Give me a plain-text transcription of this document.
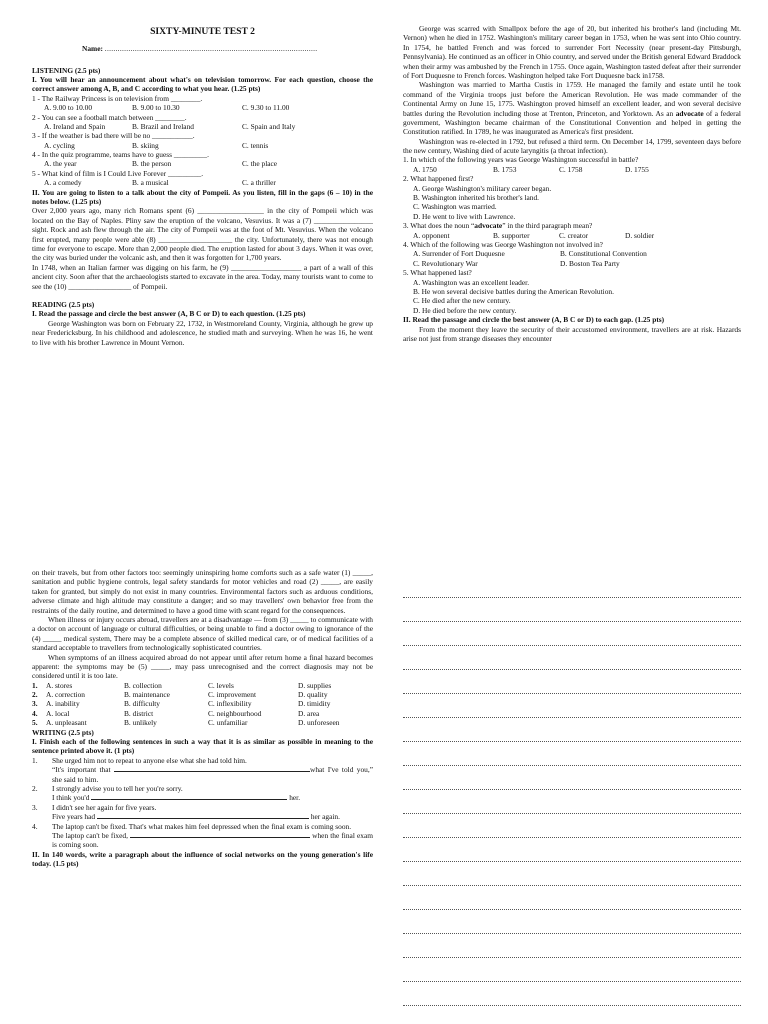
SIXTY-MINUTE TEST 2
Name: ...................................................................................................
LISTENING (2.5 pts)

I. You will hear an announcement about what's on television tomorrow. For each question, choose the correct answer among A, B, and C according to what you hear. (1.25 pts)

1 - The Railway Princess is on television from ________.
A. 9.00 to 10.00	B. 9.00 to 10.30	C. 9.30 to 11.00
2 - You can see a football match between ________.
A. Ireland and Spain	B. Brazil and Ireland	C. Spain and Italy
3 - If the weather is bad there will be no ___________.
A. cycling	B. skiing	C. tennis
4 - In the quiz programme, teams have to guess _________.
A. the year	B. the person	C. the place
5 - What kind of film is I Could Live Forever _________.
A. a comedy	B. a musical	C. a thriller

II. You are going to listen to a talk about the city of Pompeii. As you listen, fill in the gaps (6 – 10) in the notes below. (1.25 pts)

Over 2,000 years ago, many rich Romans spent (6) __________________ in the city of Pompeii which was located on the Bay of Naples. Pliny saw the eruption of the volcano, Vesuvius. It was a (7) ________________ sight. Rock and ash flew through the air. The city of Pompeii was at the foot of Mt. Vesuvius. When the volcano first erupted, many people were able (8) ____________________ the city. Unfortunately, there was not enough time for everyone to escape. More than 2,000 people died. The eruption lasted for about 3 days. When it was over, the city was buried under the volcanic ash, and then it was forgotten for 1,700 years.

In 1748, when an Italian farmer was digging on his farm, he (9) ___________________ a part of a wall of this ancient city. Soon after that the archaeologists started to excavate in the area. Today, many tourists want to come to see the (10) _________________ of Pompeii.

READING (2.5 pts)

I. Read the passage and circle the best answer (A, B C or D) to each question. (1.25 pts)

George Washington was born on February 22, 1732, in Westmoreland County, Virginia, although he grew up near Fredericksburg. In his childhood and adolescence, he studied math and surveying. When he was 16, he went to live with his brother Lawrence in Mount Vernon.

George was scarred with Smallpox before the age of 20, but inherited his brother's land (including Mt. Vernon) when he died in 1752. Washington's military career began in 1753, when he was sent into Ohio country. In 1754, he battled French and was forced to surrender Fort Necessity (near present-day Pittsburgh, Pennsylvania). He continued as an officer in Ohio country, and served under the British general Edward Braddock when their army was ambushed by the French in 1755. Once again, Washington tasted defeat after their surrender of Fort Duquesne to French forces. Washington helped take Fort Duquesne back in1758.

Washington was married to Martha Custis in 1759. He managed the family and estate until he took command of the Virginia troops just before the American Revolution. He was made commander of the Continental Army on June 15, 1775. Washington proved himself an excellent leader, and won several decisive battles during the Revolution including those at Trenton, Princeton, and Yorktown. As an advocate of a federal government, Washington became chairman of the Constitutional Convention and helped in getting the Constitution ratified. In 1789, he was inaugurated as America's first president.

Washington was re-elected in 1792, but refused a third term. On December 14, 1799, seventeen days before the new century, Washing died of acute laryngitis (a throat infection).

1. In which of the following years was George Washington successful in battle?
A. 1750	B. 1753	C. 1758	D. 1755
2. What happened first?
A. George Washington's military career began.
B. Washington inherited his brother's land.
C. Washington was married.
D. He went to live with Lawrence.
3. What does the noun “advocate” in the third paragraph mean?
A. opponent	B. supporter	C. creator	D. soldier
4. Which of the following was George Washington not involved in?
A. Surrender of Fort Duquesne	B. Constitutional Convention
C. Revolutionary War	D. Boston Tea Party
5. What happened last?
A. Washington was an excellent leader.
B. He won several decisive battles during the American Revolution.
C. He died after the new century.
D. He died before the new century.

II. Read the passage and circle the best answer (A, B C or D) to each gap. (1.25 pts)

From the moment they leave the security of their accustomed environment, travellers are at risk. Hazards arise not just from strange diseases they encounter

on their travels, but from other factors too: seemingly uninspiring home comforts such as a safe water (1) _____, sanitation and public hygiene controls, legal safety standards for motor vehicles and road (2) _____, are easily taken for granted, but simply do not exist in many countries. Environmental factors such as arduous conditions, adverse climate and high altitude may constitute a danger; and so may travellers' own behavior free from the restraints of the daily routine, and determined to have a good time with scant regard for the consequences.

When illness or injury occurs abroad, travellers are at a disadvantage — from (3) _____ to communicate with a doctor on account of language or cultural difficulties, or being unable to find a doctor owing to ignorance of the (4) _____ medical system, There may be a complete absence of skilled medical care, or of medical facilities of a standard acceptable to travellers from technologically sophisticated countries.

When symptoms of an illness acquired abroad do not appear until after return home a final hazard becomes apparent: the symptoms may be (5) _____, may pass unrecognised and the correct diagnosis may not be considered until it is too late.

1.	A. stores	B. collection	C. levels	D. supplies
2.	A. correction	B. maintenance	C. improvement	D. quality
3.	A. inability	B. difficulty	C. inflexibility	D. timidity
4.	A. local	B. district	C. neighbourhood	D. area
5.	A. unpleasant	B. unlikely	C. unfamiliar	D. unforeseen
WRITING (2.5 pts)

I. Finish each of the following sentences in such a way that it is as similar as possible in meaning to the sentence printed above it. (1 pts)

1.	She urged him not to repeat to anyone else what she had told him.
“It's important that	what I've told you,” she said to him.
2.	I strongly advise you to tell her you're sorry.
I think you'd	her.
3.	I didn't see her again for five years.
Five years had	her again.
4.	The laptop can't be fixed. That's what makes him feel depressed when the final exam is coming soon.
The laptop can't be fixed,	when the final exam is coming soon.

II. In 140 words, write a paragraph about the influence of social networks on the young generation's life today. (1.5 pts)
